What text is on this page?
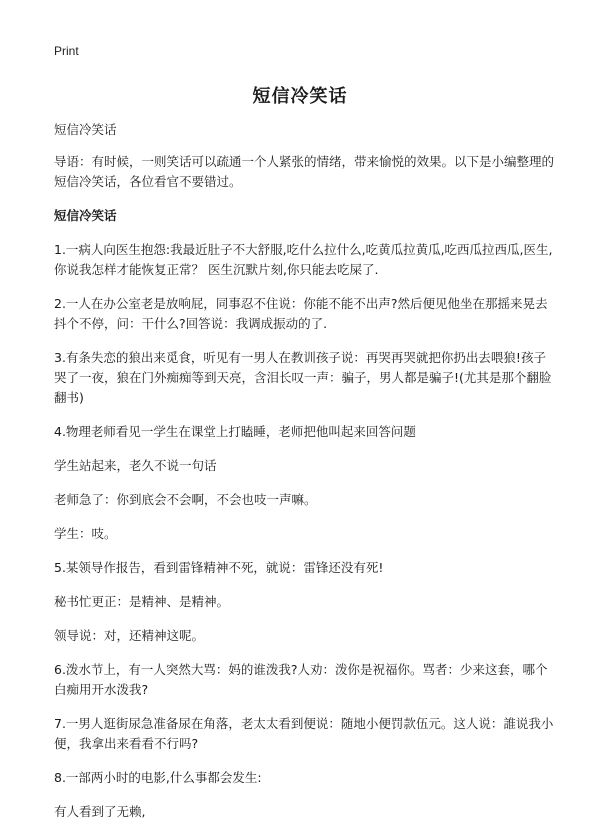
Print
短信冷笑话

短信冷笑话

导语：有时候，一则笑话可以疏通一个人紧张的情绪，带来愉悦的效果。以下是小编整理的短信冷笑话，各位看官不要错过。

短信冷笑话

1.一病人向医生抱怨:我最近肚子不大舒服,吃什么拉什么,吃黄瓜拉黄瓜,吃西瓜拉西瓜,医生,你说我怎样才能恢复正常？ 医生沉默片刻,你只能去吃屎了.

2.一人在办公室老是放响屁，同事忍不住说：你能不能不出声?然后便见他坐在那摇来晃去抖个不停，问：干什么?回答说：我调成振动的了.

3.有条失恋的狼出来觅食，听见有一男人在教训孩子说：再哭再哭就把你扔出去喂狼!孩子哭了一夜，狼在门外痴痴等到天亮，含泪长叹一声：骗子，男人都是骗子!(尤其是那个翻脸翻书)

4.物理老师看见一学生在课堂上打瞌睡，老师把他叫起来回答问题

学生站起来，老久不说一句话

老师急了：你到底会不会啊，不会也吱一声嘛。

学生：吱。

5.某领导作报告，看到雷锋精神不死，就说：雷锋还没有死!

秘书忙更正：是精神、是精神。

领导说：对，还精神这呢。

6.泼水节上，有一人突然大骂：妈的谁泼我?人劝：泼你是祝福你。骂者：少来这套，哪个白痴用开水泼我?

7.一男人逛街尿急准备尿在角落，老太太看到便说：随地小便罚款伍元。这人说：誰说我小便，我拿出来看看不行吗?

8.一部两小时的电影,什么事都会发生:

有人看到了无赖,
